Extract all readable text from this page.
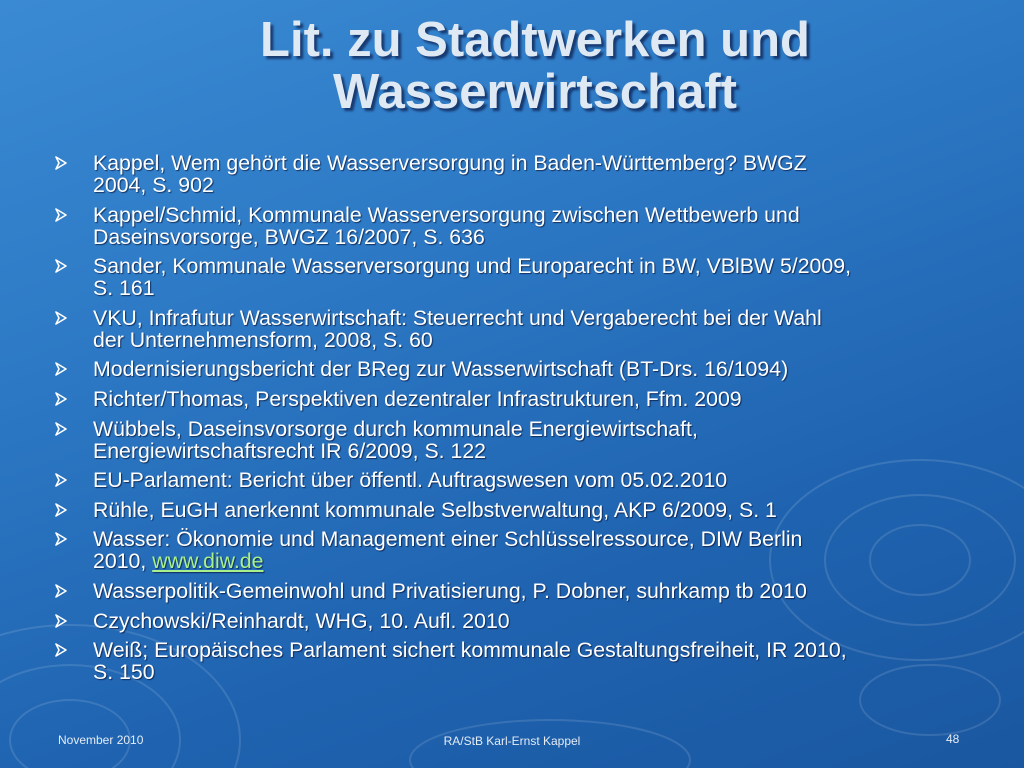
Lit. zu Stadtwerken und
Wasserwirtschaft
Kappel, Wem gehört die Wasserversorgung in Baden-Württemberg? BWGZ
2004, S. 902
Kappel/Schmid, Kommunale Wasserversorgung zwischen Wettbewerb und
Daseinsvorsorge, BWGZ 16/2007, S. 636
Sander, Kommunale Wasserversorgung und Europarecht in BW, VBlBW 5/2009,
S. 161
VKU, Infrafutur Wasserwirtschaft: Steuerrecht und Vergaberecht bei der Wahl
der Unternehmensform, 2008, S. 60
Modernisierungsbericht der BReg zur Wasserwirtschaft (BT-Drs. 16/1094)
Richter/Thomas, Perspektiven dezentraler Infrastrukturen, Ffm. 2009
Wübbels, Daseinsvorsorge durch kommunale Energiewirtschaft,
Energiewirtschaftsrecht IR 6/2009, S. 122
EU-Parlament: Bericht über öffentl. Auftragswesen vom 05.02.2010
Rühle, EuGH anerkennt kommunale Selbstverwaltung, AKP 6/2009, S. 1
Wasser: Ökonomie und Management einer Schlüsselressource, DIW Berlin
2010, www.diw.de
Wasserpolitik-Gemeinwohl und Privatisierung, P. Dobner, suhrkamp tb 2010
Czychowski/Reinhardt, WHG, 10. Aufl. 2010
Weiß; Europäisches Parlament sichert kommunale Gestaltungsfreiheit, IR 2010,
S. 150
November 2010	RA/StB Karl-Ernst Kappel	48
